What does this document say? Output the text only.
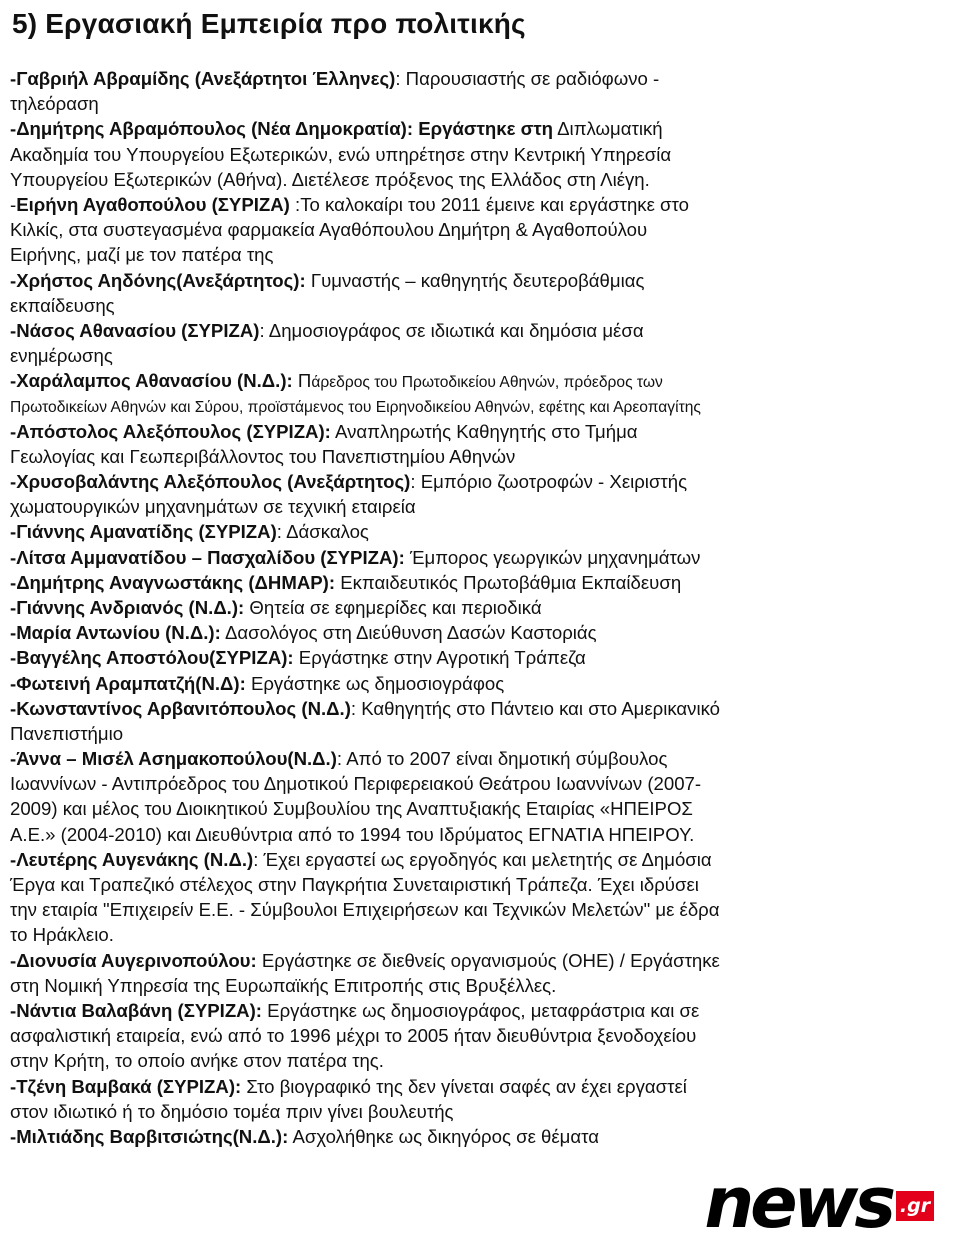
5) Εργασιακή Εμπειρία προ πολιτικής
-Γαβριήλ Αβραμίδης (Ανεξάρτητοι Έλληνες): Παρουσιαστής σε ραδιόφωνο -
τηλεόραση
-Δημήτρης Αβραμόπουλος (Νέα Δημοκρατία): Εργάστηκε στη Διπλωματική
Ακαδημία του Υπουργείου Εξωτερικών, ενώ υπηρέτησε στην Κεντρική Υπηρεσία
Υπουργείου Εξωτερικών (Αθήνα). Διετέλεσε πρόξενος της Ελλάδος στη Λιέγη.
-Ειρήνη Αγαθοπούλου (ΣΥΡΙΖΑ) :Το καλοκαίρι του 2011 έμεινε και εργάστηκε στο
Κιλκίς, στα συστεγασμένα φαρμακεία Αγαθόπουλου Δημήτρη & Αγαθοπούλου
Ειρήνης, μαζί με τον πατέρα της
-Χρήστος Αηδόνης(Ανεξάρτητος): Γυμναστής – καθηγητής δευτεροβάθμιας
εκπαίδευσης
-Νάσος Αθανασίου (ΣΥΡΙΖΑ): Δημοσιογράφος σε ιδιωτικά και δημόσια μέσα
ενημέρωσης
-Χαράλαμπος Αθανασίου (Ν.Δ.): Πάρεδρος του Πρωτοδικείου Αθηνών, πρόεδρος των
Πρωτοδικείων Αθηνών και Σύρου, προϊστάμενος του Ειρηνοδικείου Αθηνών, εφέτης και Αρεοπαγίτης
-Απόστολος Αλεξόπουλος (ΣΥΡΙΖΑ): Αναπληρωτής Καθηγητής στο Τμήμα
Γεωλογίας και Γεωπεριβάλλοντος του Πανεπιστημίου Αθηνών
-Χρυσοβαλάντης Αλεξόπουλος (Ανεξάρτητος): Εμπόριο ζωοτροφών - Χειριστής
χωματουργικών μηχανημάτων σε τεχνική εταιρεία
-Γιάννης Αμανατίδης (ΣΥΡΙΖΑ): Δάσκαλος
-Λίτσα Αμμανατίδου – Πασχαλίδου (ΣΥΡΙΖΑ): Έμπορος γεωργικών μηχανημάτων
-Δημήτρης Αναγνωστάκης (ΔΗΜΑΡ): Εκπαιδευτικός Πρωτοβάθμια Εκπαίδευση
-Γιάννης Ανδριανός (Ν.Δ.): Θητεία σε εφημερίδες και περιοδικά
-Μαρία Αντωνίου (Ν.Δ.): Δασολόγος στη Διεύθυνση Δασών Καστοριάς
-Βαγγέλης Αποστόλου(ΣΥΡΙΖΑ): Εργάστηκε στην Αγροτική Τράπεζα
-Φωτεινή Αραμπατζή(Ν.Δ): Εργάστηκε ως δημοσιογράφος
-Κωνσταντίνος Αρβανιτόπουλος (Ν.Δ.): Καθηγητής στο Πάντειο και στο Αμερικανικό
Πανεπιστήμιο
-Άννα – Μισέλ Ασημακοπούλου(Ν.Δ.): Από το 2007 είναι δημοτική σύμβουλος
Ιωαννίνων - Αντιπρόεδρος του Δημοτικού Περιφερειακού Θεάτρου Ιωαννίνων (2007-
2009) και μέλος του Διοικητικού Συμβουλίου της Αναπτυξιακής Εταιρίας «ΗΠΕΙΡΟΣ
Α.Ε.» (2004-2010) και Διευθύντρια από το 1994 του Ιδρύματος ΕΓΝΑΤΙΑ ΗΠΕΙΡΟΥ.
-Λευτέρης Αυγενάκης (Ν.Δ.): Έχει εργαστεί ως εργοδηγός και μελετητής σε Δημόσια
Έργα και Τραπεζικό στέλεχος στην Παγκρήτια Συνεταιριστική Τράπεζα. Έχει ιδρύσει
την εταιρία "Επιχειρείν Ε.Ε. - Σύμβουλοι Επιχειρήσεων και Τεχνικών Μελετών" με έδρα
το Ηράκλειο.
-Διονυσία Αυγερινοπούλου: Εργάστηκε σε διεθνείς οργανισμούς (ΟΗΕ) / Εργάστηκε
στη Νομική Υπηρεσία της Ευρωπαϊκής Επιτροπής στις Βρυξέλλες.
-Νάντια Βαλαβάνη (ΣΥΡΙΖΑ): Εργάστηκε ως δημοσιογράφος, μεταφράστρια και σε
ασφαλιστική εταιρεία, ενώ από το 1996 μέχρι το 2005 ήταν διευθύντρια ξενοδοχείου
στην Κρήτη, το οποίο ανήκε στον πατέρα της.
-Τζένη Βαμβακά (ΣΥΡΙΖΑ): Στο βιογραφικό της δεν γίνεται σαφές αν έχει εργαστεί
στον ιδιωτικό ή το δημόσιο τομέα πριν γίνει βουλευτής
-Μιλτιάδης Βαρβιτσιώτης(Ν.Δ.): Ασχολήθηκε ως δικηγόρος σε θέματα
news .gr
